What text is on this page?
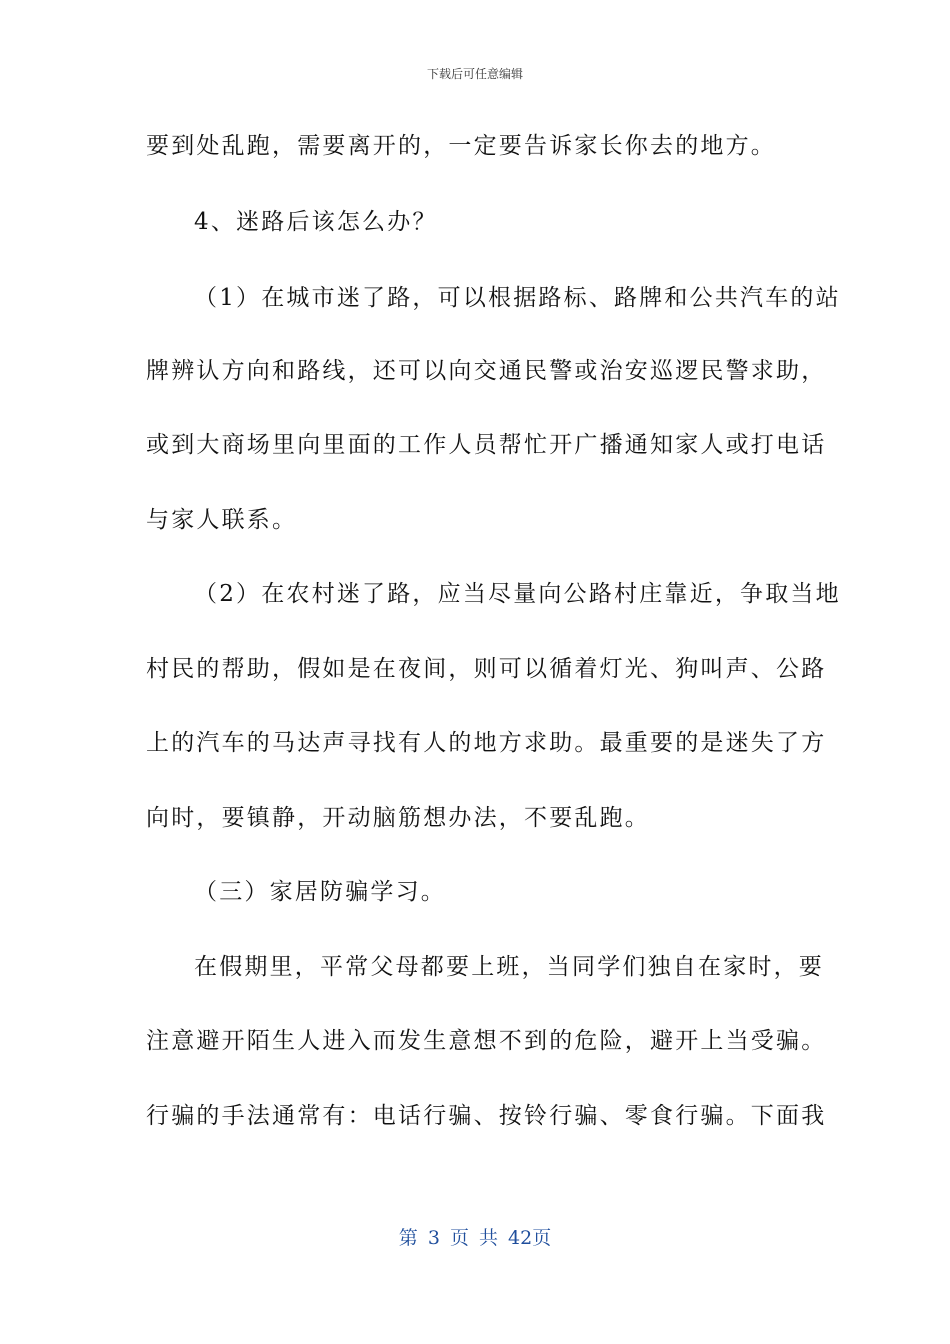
下载后可任意编辑
要到处乱跑，需要离开的，一定要告诉家长你去的地方。
4、迷路后该怎么办？
（1）在城市迷了路，可以根据路标、路牌和公共汽车的站
牌辨认方向和路线，还可以向交通民警或治安巡逻民警求助，
或到大商场里向里面的工作人员帮忙开广播通知家人或打电话
与家人联系。
（2）在农村迷了路，应当尽量向公路村庄靠近，争取当地
村民的帮助，假如是在夜间，则可以循着灯光、狗叫声、公路
上的汽车的马达声寻找有人的地方求助。最重要的是迷失了方
向时，要镇静，开动脑筋想办法，不要乱跑。
（三）家居防骗学习。
在假期里，平常父母都要上班，当同学们独自在家时，要
注意避开陌生人进入而发生意想不到的危险，避开上当受骗。
行骗的手法通常有：电话行骗、按铃行骗、零食行骗。下面我
第 3 页 共 42页
